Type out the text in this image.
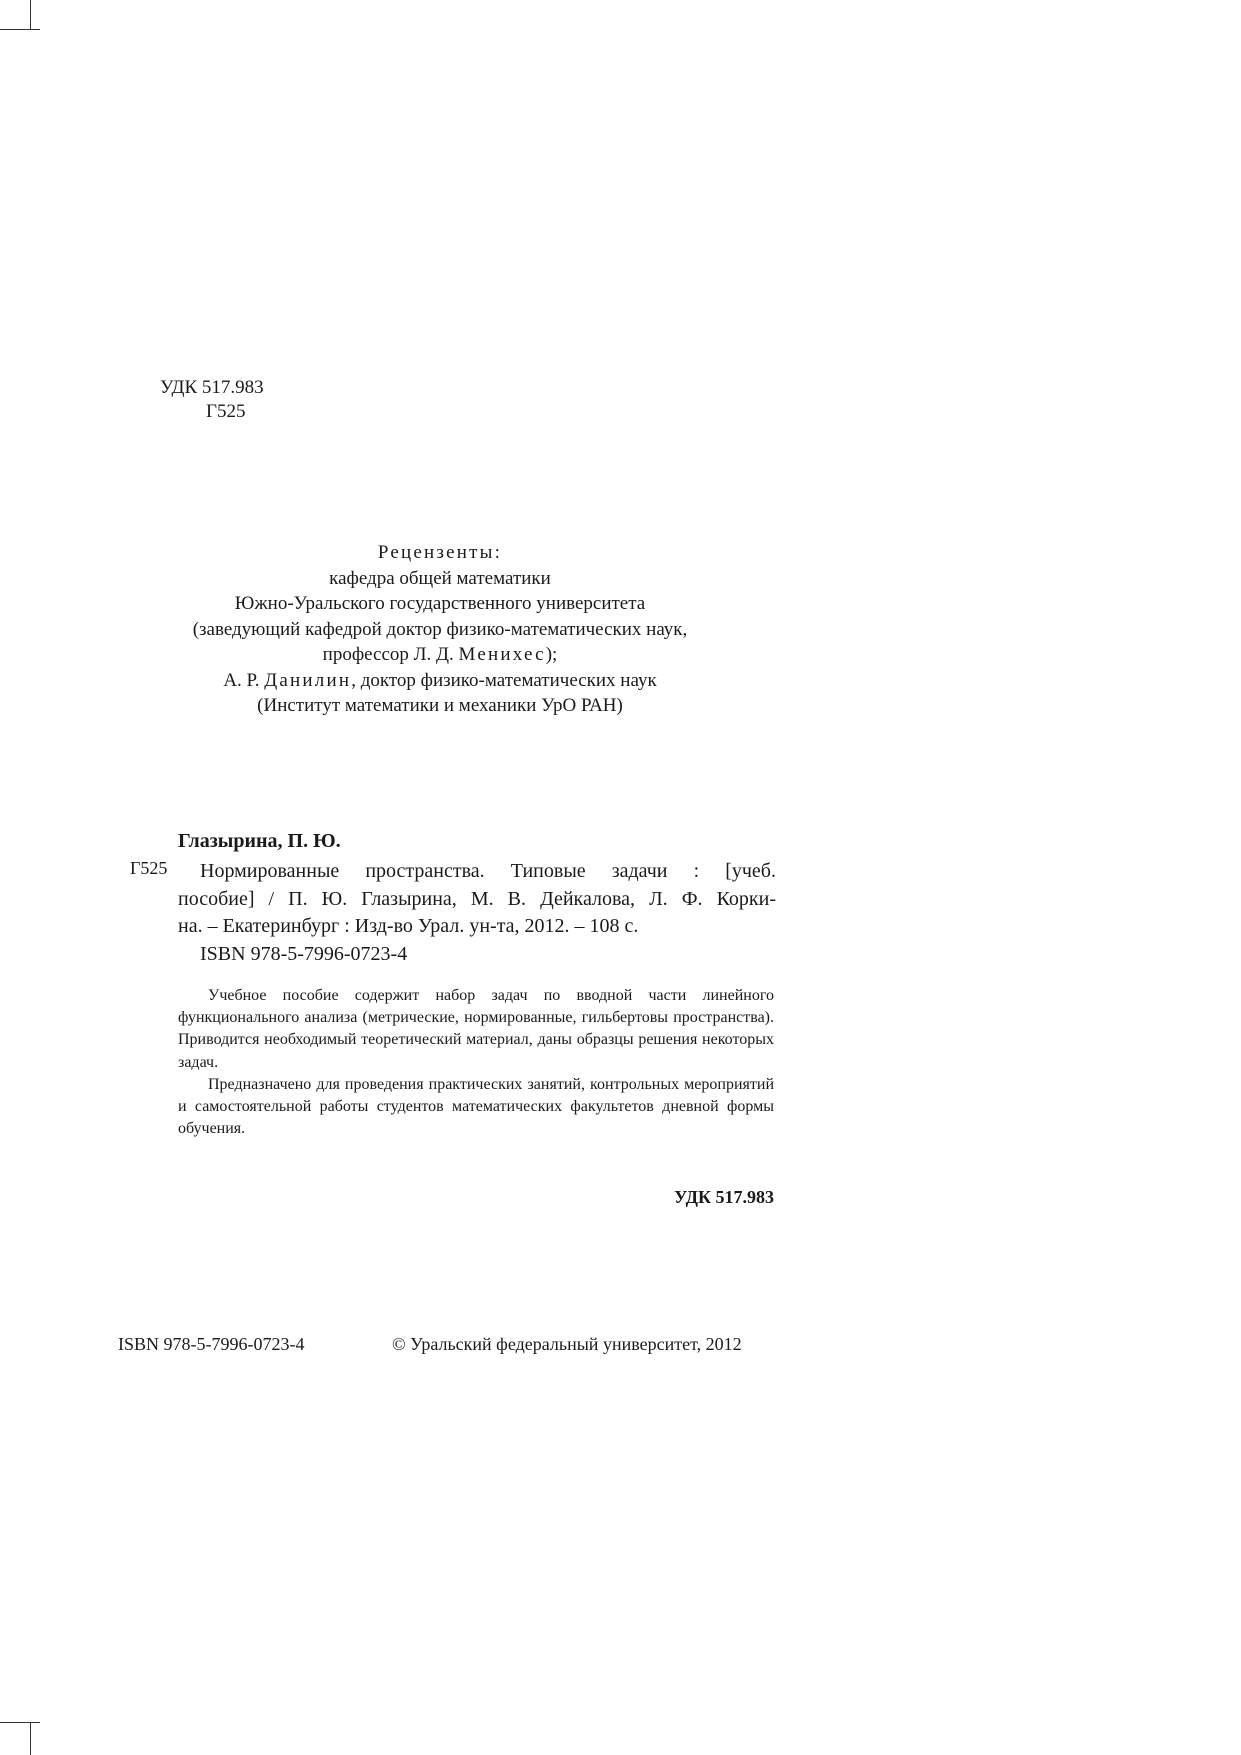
УДК 517.983
Г525
Рецензенты:
кафедра общей математики
Южно-Уральского государственного университета
(заведующий кафедрой доктор физико-математических наук,
профессор Л. Д. Менихес);
А. Р. Данилин, доктор физико-математических наук
(Институт математики и механики УрО РАН)
Глазырина, П. Ю.
Г525	Нормированные пространства. Типовые задачи : [учеб.
пособие] / П. Ю. Глазырина, М. В. Дейкалова, Л. Ф. Корки-
на. – Екатеринбург : Изд-во Урал. ун-та, 2012. – 108 с.
ISBN 978-5-7996-0723-4

Учебное пособие содержит набор задач по вводной части линейного функционального анализа (метрические, нормированные, гильбертовы пространства). Приводится необходимый теоретический материал, даны образцы решения некоторых задач.

Предназначено для проведения практических занятий, контрольных мероприятий и самостоятельной работы студентов математических факультетов дневной формы обучения.

УДК 517.983
ISBN 978-5-7996-0723-4	© Уральский федеральный университет, 2012
